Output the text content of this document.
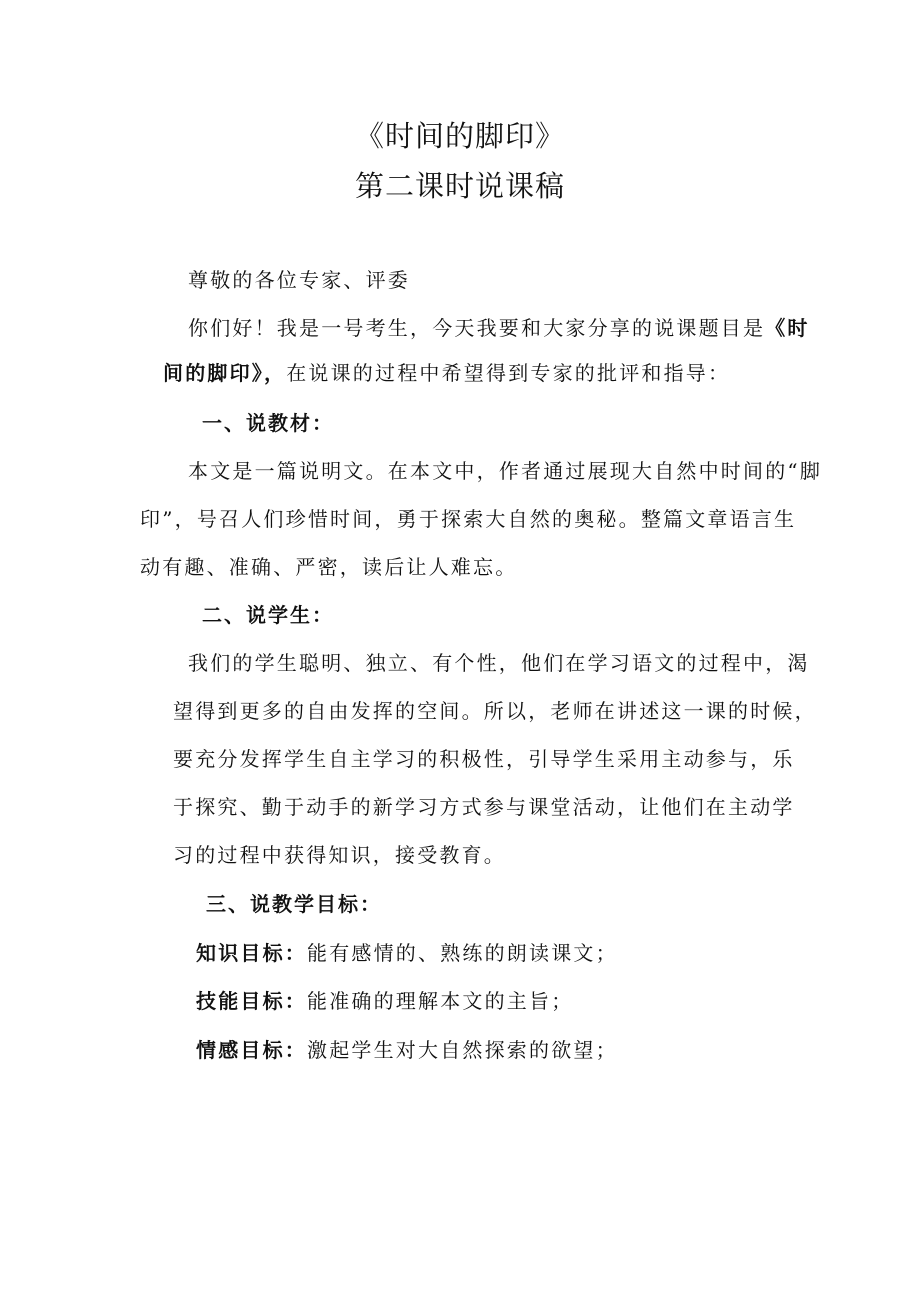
《时间的脚印》
第二课时说课稿
尊敬的各位专家、评委
你们好！我是一号考生，今天我要和大家分享的说课题目是《时
间的脚印》，在说课的过程中希望得到专家的批评和指导：
一、说教材：
本文是一篇说明文。在本文中，作者通过展现大自然中时间的“脚
印”，号召人们珍惜时间，勇于探索大自然的奥秘。整篇文章语言生
动有趣、准确、严密，读后让人难忘。
二、说学生：
我们的学生聪明、独立、有个性，他们在学习语文的过程中，渴
望得到更多的自由发挥的空间。所以，老师在讲述这一课的时候，
要充分发挥学生自主学习的积极性，引导学生采用主动参与，乐
于探究、勤于动手的新学习方式参与课堂活动，让他们在主动学
习的过程中获得知识，接受教育。
三、说教学目标：
知识目标：能有感情的、熟练的朗读课文；
技能目标：能准确的理解本文的主旨；
情感目标：激起学生对大自然探索的欲望；
